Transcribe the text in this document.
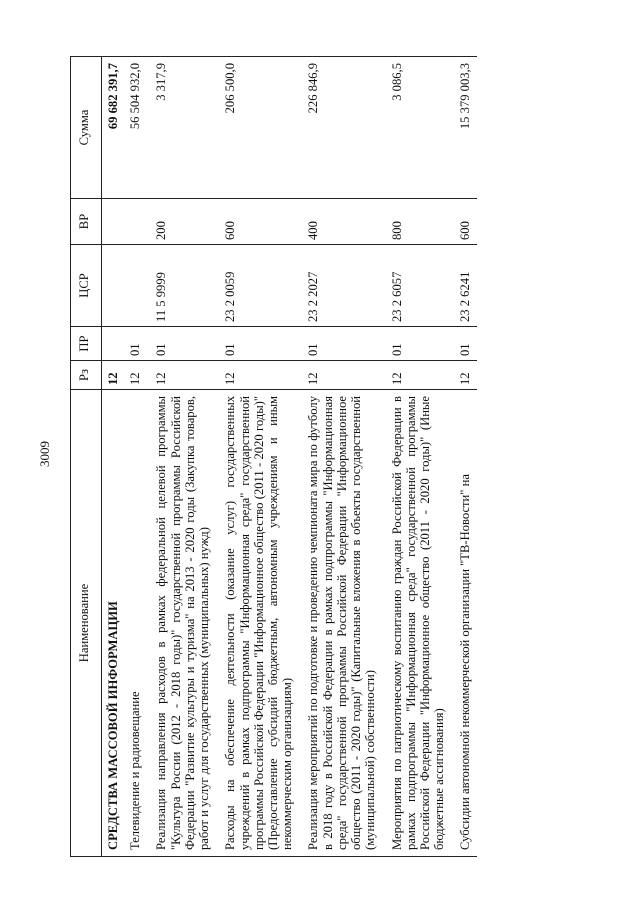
3009
Наименование	Рз	ПР	ЦСР	ВР	Сумма
СРЕДСТВА МАССОВОЙ ИНФОРМАЦИИ	12				69 682 391,7
Телевидение и радиовещание	12	01			56 504 932,0
Реализация направления расходов в рамках федеральной целевой программы "Культура России (2012 - 2018 годы)" государственной программы Российской Федерации "Развитие культуры и туризма" на 2013 - 2020 годы (Закупка товаров, работ и услуг для государственных (муниципальных) нужд)	12	01	11 5 9999	200	3 317,9
Расходы на обеспечение деятельности (оказание услуг) государственных учреждений в рамках подпрограммы "Информационная среда" государственной программы Российской Федерации "Информационное общество (2011 - 2020 годы)" (Предоставление субсидий бюджетным, автономным учреждениям и иным некоммерческим организациям)	12	01	23 2 0059	600	206 500,0
Реализация мероприятий по подготовке и проведению чемпионата мира по футболу в 2018 году в Российской Федерации в рамках подпрограммы "Информационная среда" государственной программы Российской Федерации "Информационное общество (2011 - 2020 годы)" (Капитальные вложения в объекты государственной (муниципальной) собственности)	12	01	23 2 2027	400	226 846,9
Мероприятия по патриотическому воспитанию граждан Российской Федерации в рамках подпрограммы "Информационная среда" государственной программы Российской Федерации "Информационное общество (2011 - 2020 годы)" (Иные бюджетные ассигнования)	12	01	23 2 6057	800	3 086,5
Субсидии автономной некоммерческой организации "ТВ-Новости" на	12	01	23 2 6241	600	15 379 003,3
